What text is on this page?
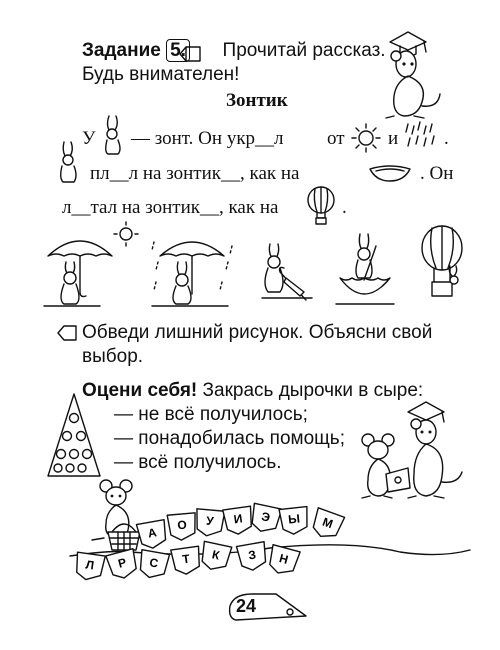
Задание 5. Прочитай рассказ.
Будь внимателен!
Зонтик
У — зонт. Он укр__л от и .
пл__л на зонтик__, как на	. Он
л__тал на зонтик__, как на	.
Обведи лишний рисунок. Объясни свой
выбор.
Оцени себя! Закрась дырочки в сыре:
— не всё получилось;
— понадобилась помощь;
— всё получилось.
А
О У И Э Ы М
Л Р С Т К З Н
24
